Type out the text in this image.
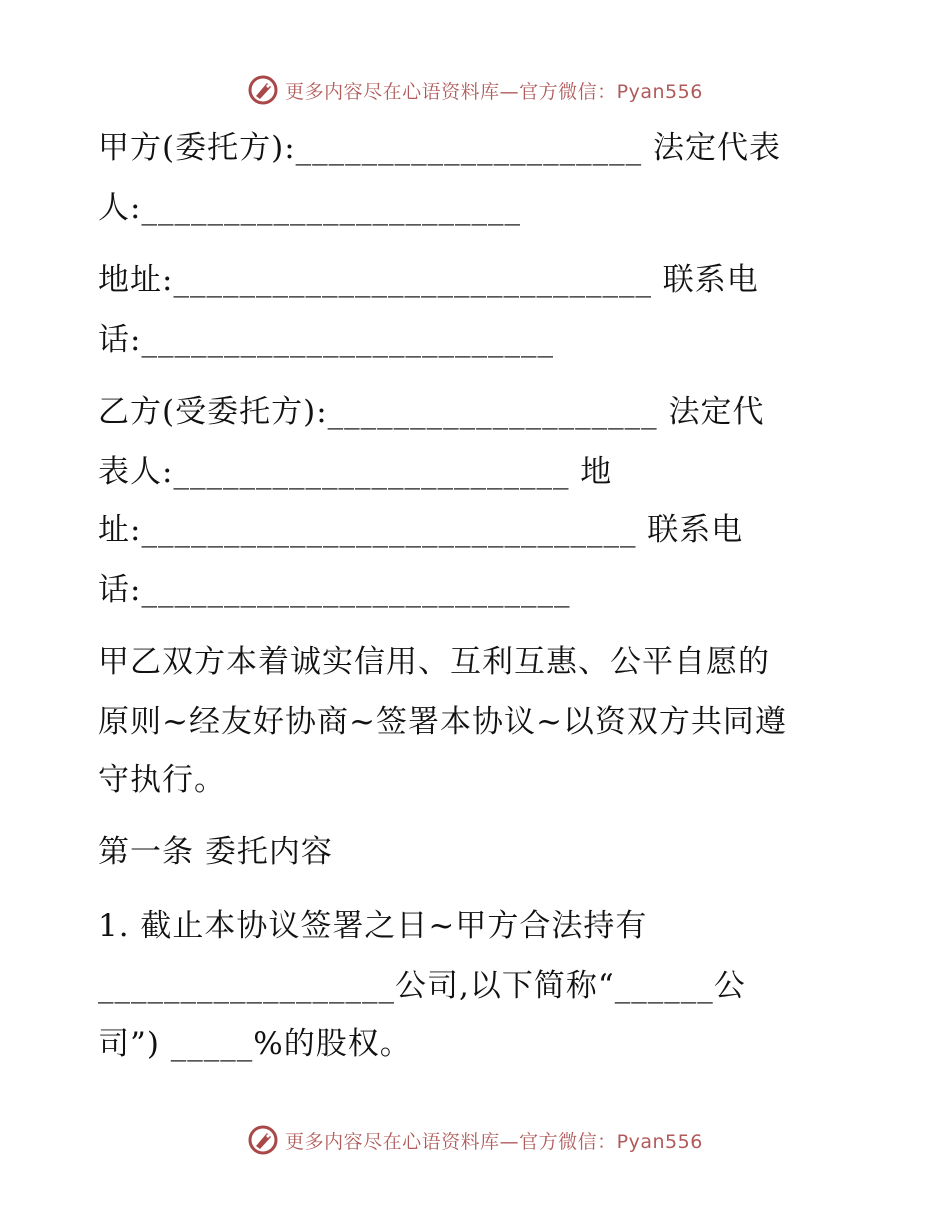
更多内容尽在心语资料库—官方微信：Pyan556
甲方(委托方):_____________________ 法定代表
人:_______________________
地址:_____________________________ 联系电
话:_________________________
乙方(受委托方):____________________ 法定代
表人:________________________ 地
址:______________________________ 联系电
话:__________________________
甲乙双方本着诚实信用、互利互惠、公平自愿的
原则~经友好协商~签署本协议~以资双方共同遵
守执行。
第一条 委托内容
1. 截止本协议签署之日~甲方合法持有
__________________公司,以下简称“______公
司”) _____%的股权。
更多内容尽在心语资料库—官方微信：Pyan556
